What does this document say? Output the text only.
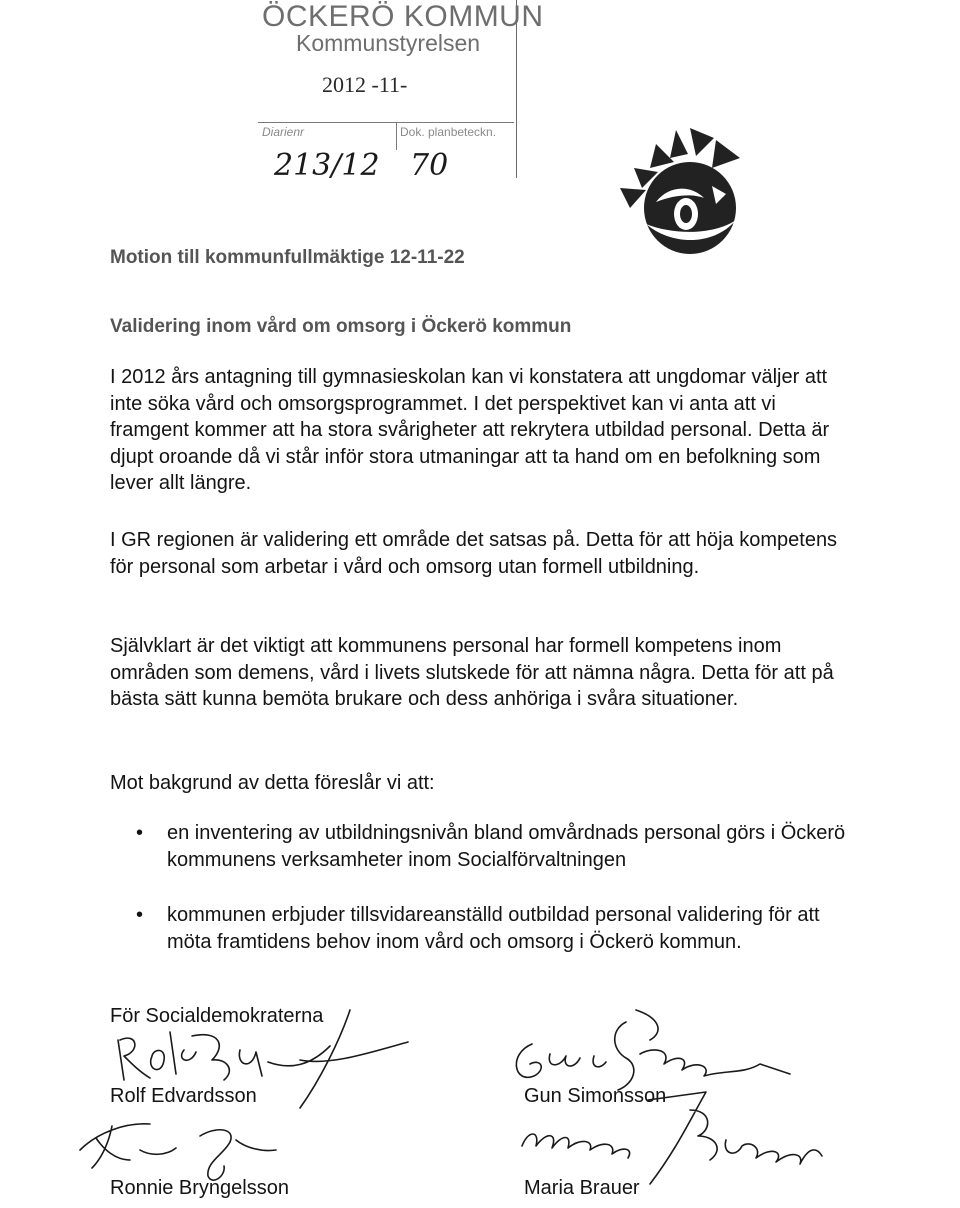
ÖCKERÖ KOMMUN
Kommunstyrelsen
2012 -11-
Diarienr	Dok. planbeteckn.
213/12 70
Motion till kommunfullmäktige 12-11-22
Validering inom vård om omsorg i Öckerö kommun

I 2012 års antagning till gymnasieskolan kan vi konstatera att ungdomar väljer att inte söka vård och omsorgsprogrammet. I det perspektivet kan vi anta att vi framgent kommer att ha stora svårigheter att rekrytera utbildad personal. Detta är djupt oroande då vi står inför stora utmaningar att ta hand om en befolkning som lever allt längre.

I GR regionen är validering ett område det satsas på. Detta för att höja kompetens för personal som arbetar i vård och omsorg utan formell utbildning.

Självklart är det viktigt att kommunens personal har formell kompetens inom områden som demens, vård i livets slutskede för att nämna några. Detta för att på bästa sätt kunna bemöta brukare och dess anhöriga i svåra situationer.

Mot bakgrund av detta föreslår vi att:

• en inventering av utbildningsnivån bland omvårdnads personal görs i Öckerö kommunens verksamheter inom Socialförvaltningen
• kommunen erbjuder tillsvidareanställd outbildad personal validering för att möta framtidens behov inom vård och omsorg i Öckerö kommun.
För Socialdemokraterna
Rolf Edvardsson
Ronnie Bryngelsson
Gun Simonsson
Maria Brauer
